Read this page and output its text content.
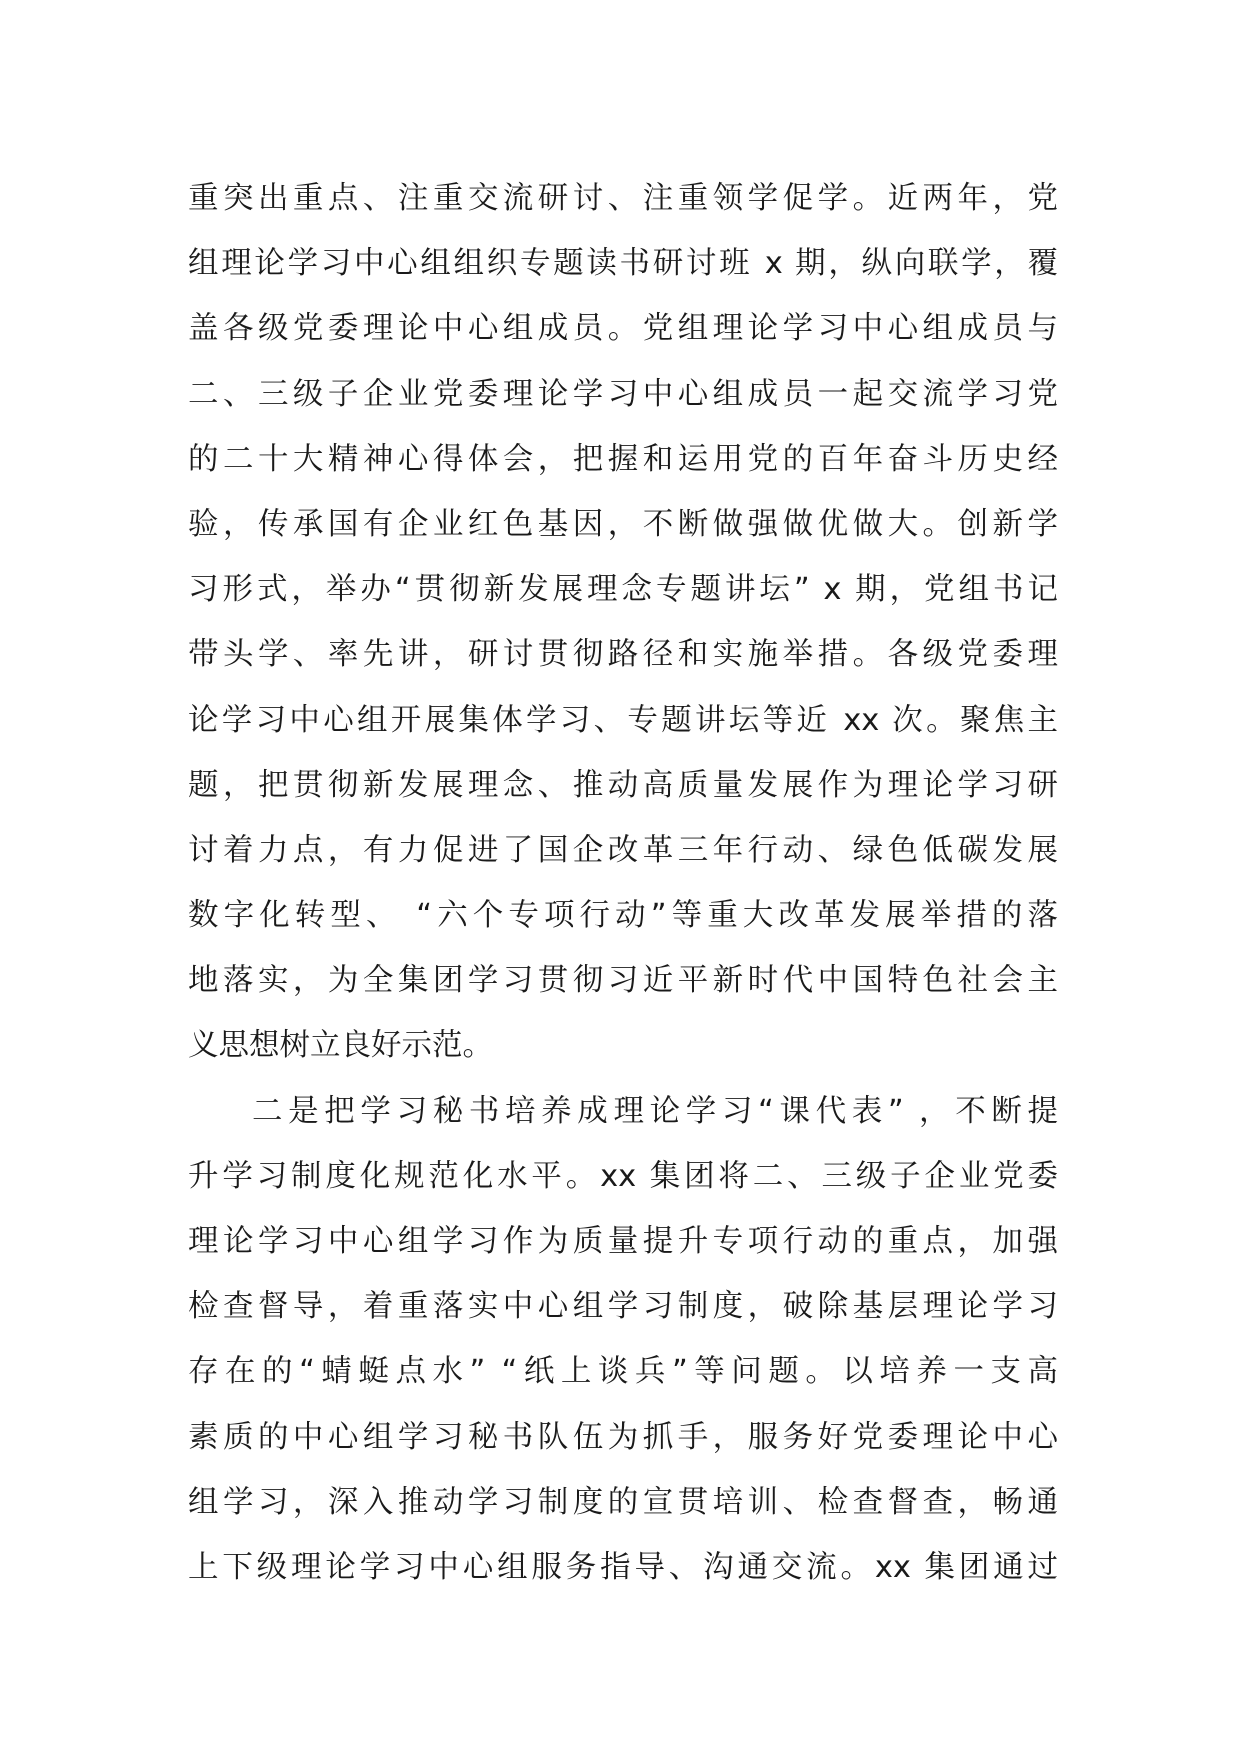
重突出重点、注重交流研讨、注重领学促学。近两年，党
组理论学习中心组组织专题读书研讨班 x 期，纵向联学，覆
盖各级党委理论中心组成员。党组理论学习中心组成员与
二、三级子企业党委理论学习中心组成员一起交流学习党
的二十大精神心得体会，把握和运用党的百年奋斗历史经
验，传承国有企业红色基因，不断做强做优做大。创新学
习形式，举办“贯彻新发展理念专题讲坛” x 期，党组书记
带头学、率先讲，研讨贯彻路径和实施举措。各级党委理
论学习中心组开展集体学习、专题讲坛等近 xx 次。聚焦主
题，把贯彻新发展理念、推动高质量发展作为理论学习研
讨着力点，有力促进了国企改革三年行动、绿色低碳发展
数字化转型、 “六个专项行动”等重大改革发展举措的落
地落实，为全集团学习贯彻习近平新时代中国特色社会主
义思想树立良好示范。
二是把学习秘书培养成理论学习“课代表” ，不断提
升学习制度化规范化水平。xx 集团将二、三级子企业党委
理论学习中心组学习作为质量提升专项行动的重点，加强
检查督导，着重落实中心组学习制度，破除基层理论学习
存在的“蜻蜓点水” “纸上谈兵”等问题。以培养一支高
素质的中心组学习秘书队伍为抓手，服务好党委理论中心
组学习，深入推动学习制度的宣贯培训、检查督查，畅通
上下级理论学习中心组服务指导、沟通交流。xx 集团通过
